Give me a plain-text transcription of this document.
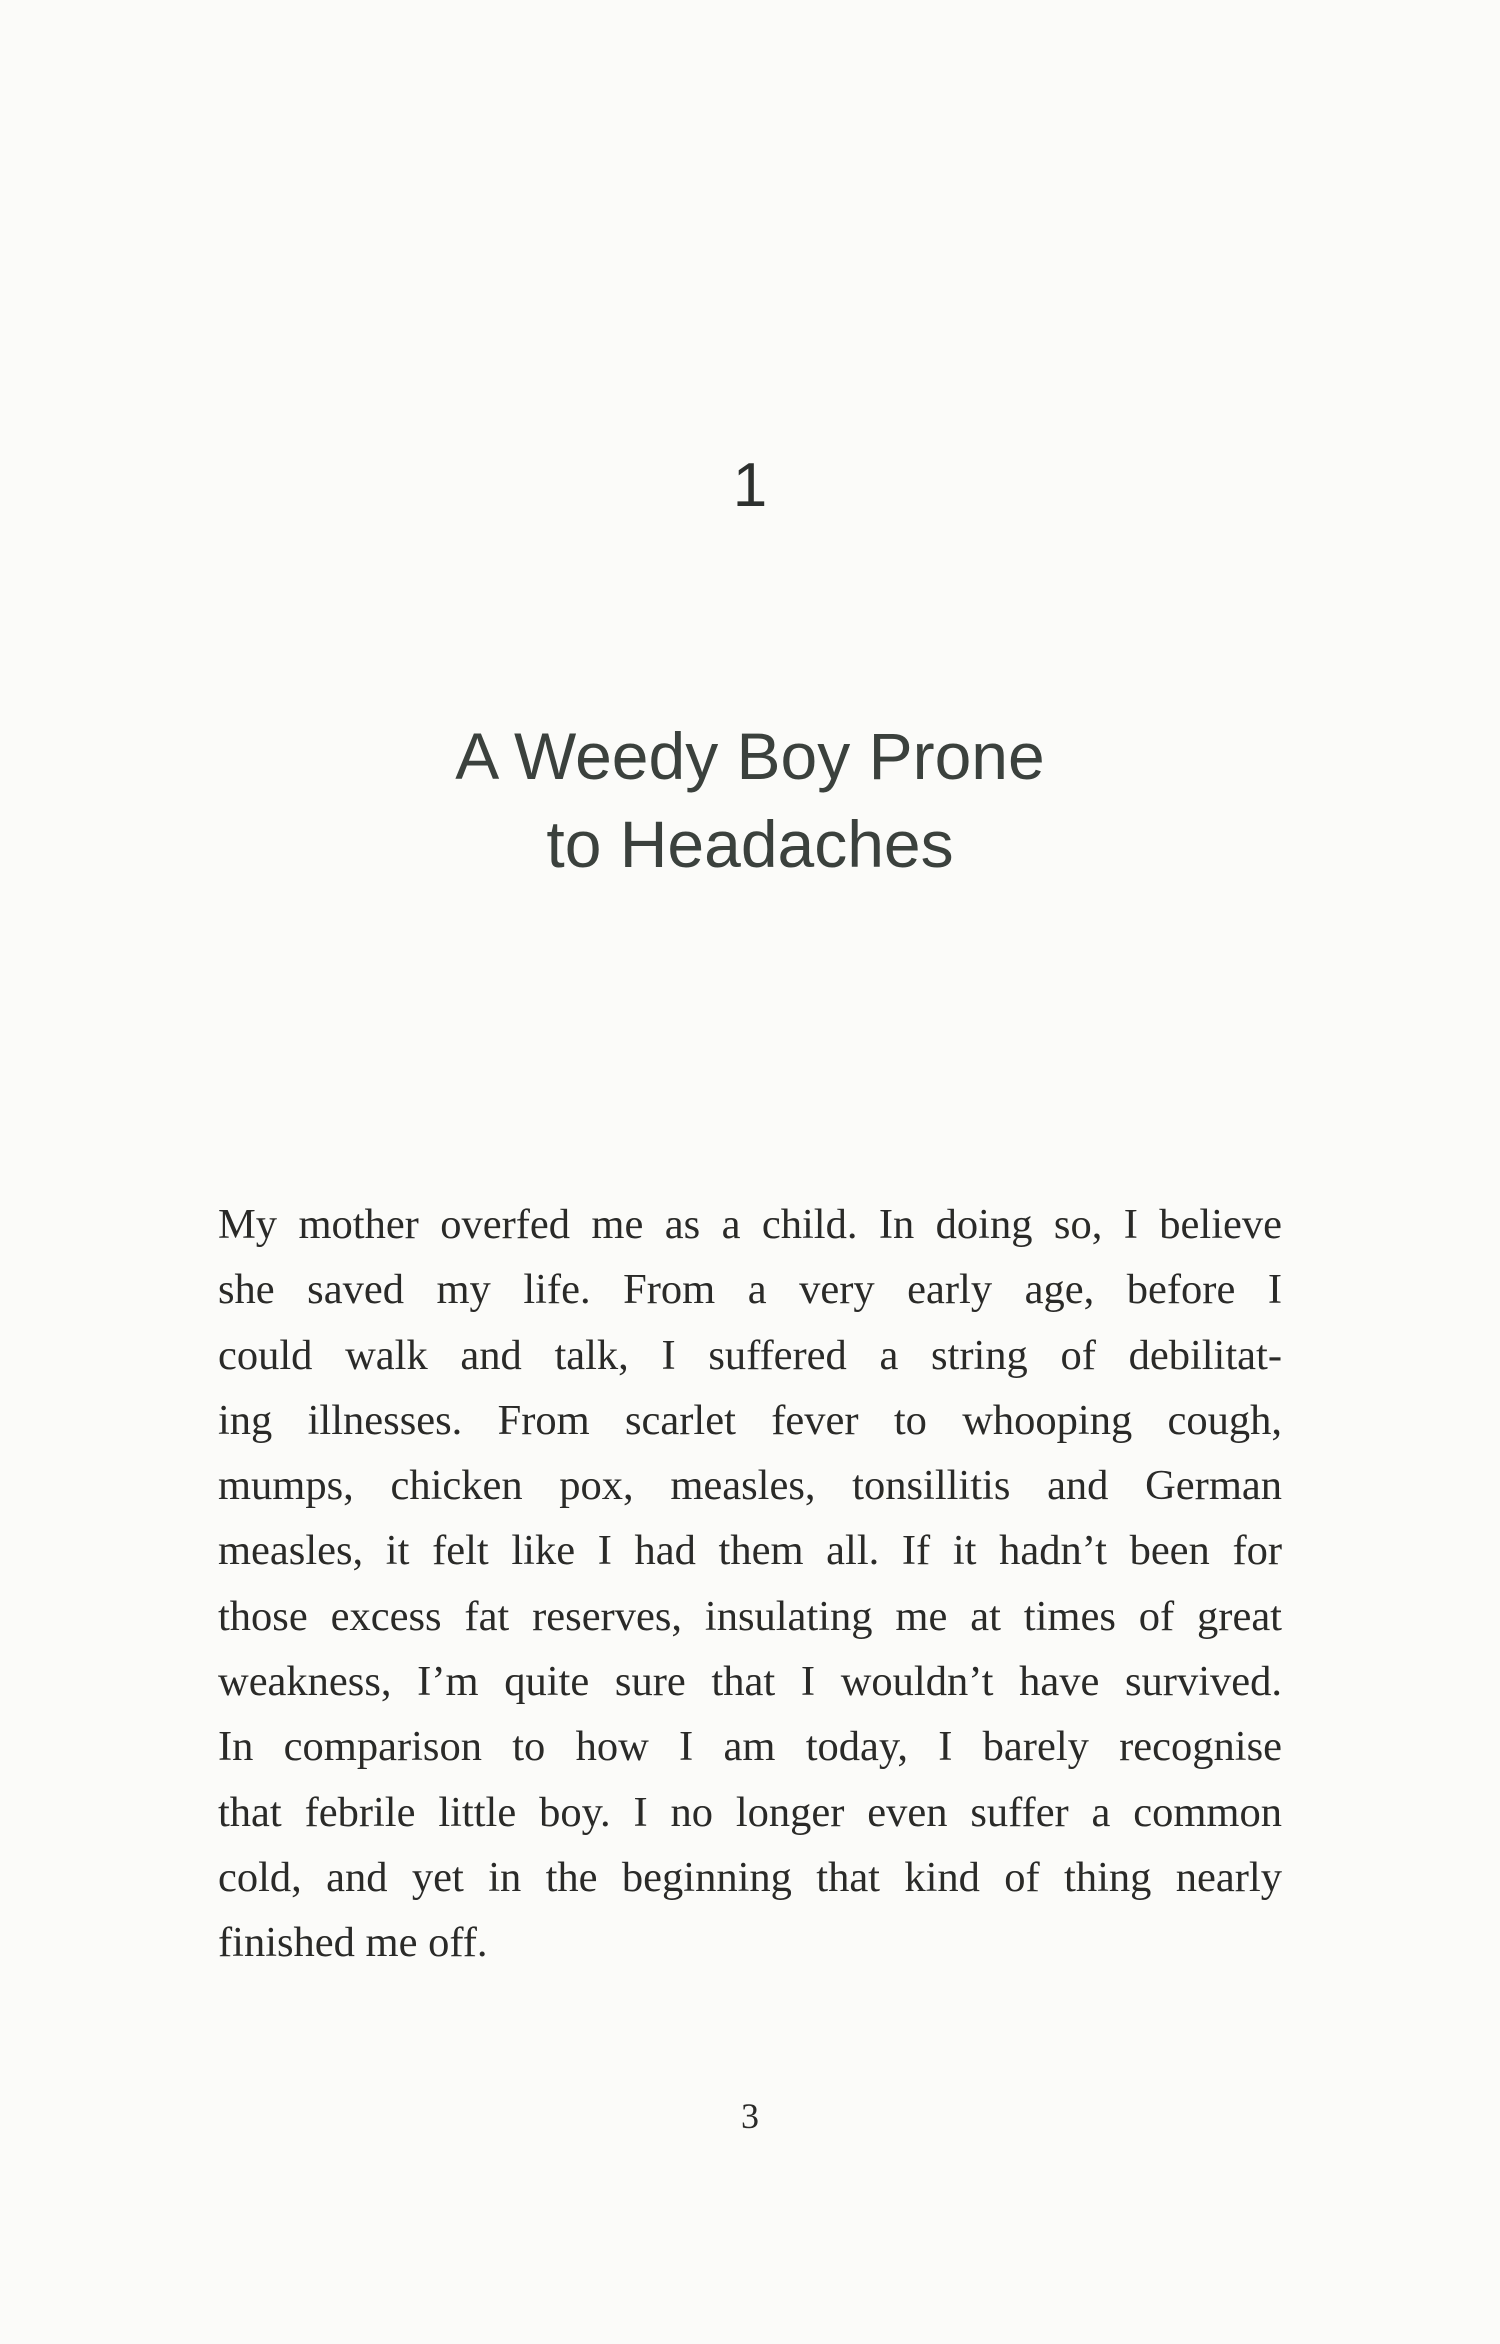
1
A Weedy Boy Prone
to Headaches
My mother overfed me as a child. In doing so, I believe
she saved my life. From a very early age, before I
could walk and talk, I suffered a string of debilitat-
ing illnesses. From scarlet fever to whooping cough,
mumps, chicken pox, measles, tonsillitis and German
measles, it felt like I had them all. If it hadn’t been for
those excess fat reserves, insulating me at times of great
weakness, I’m quite sure that I wouldn’t have survived.
In comparison to how I am today, I barely recognise
that febrile little boy. I no longer even suffer a common
cold, and yet in the beginning that kind of thing nearly
finished me off.
3
